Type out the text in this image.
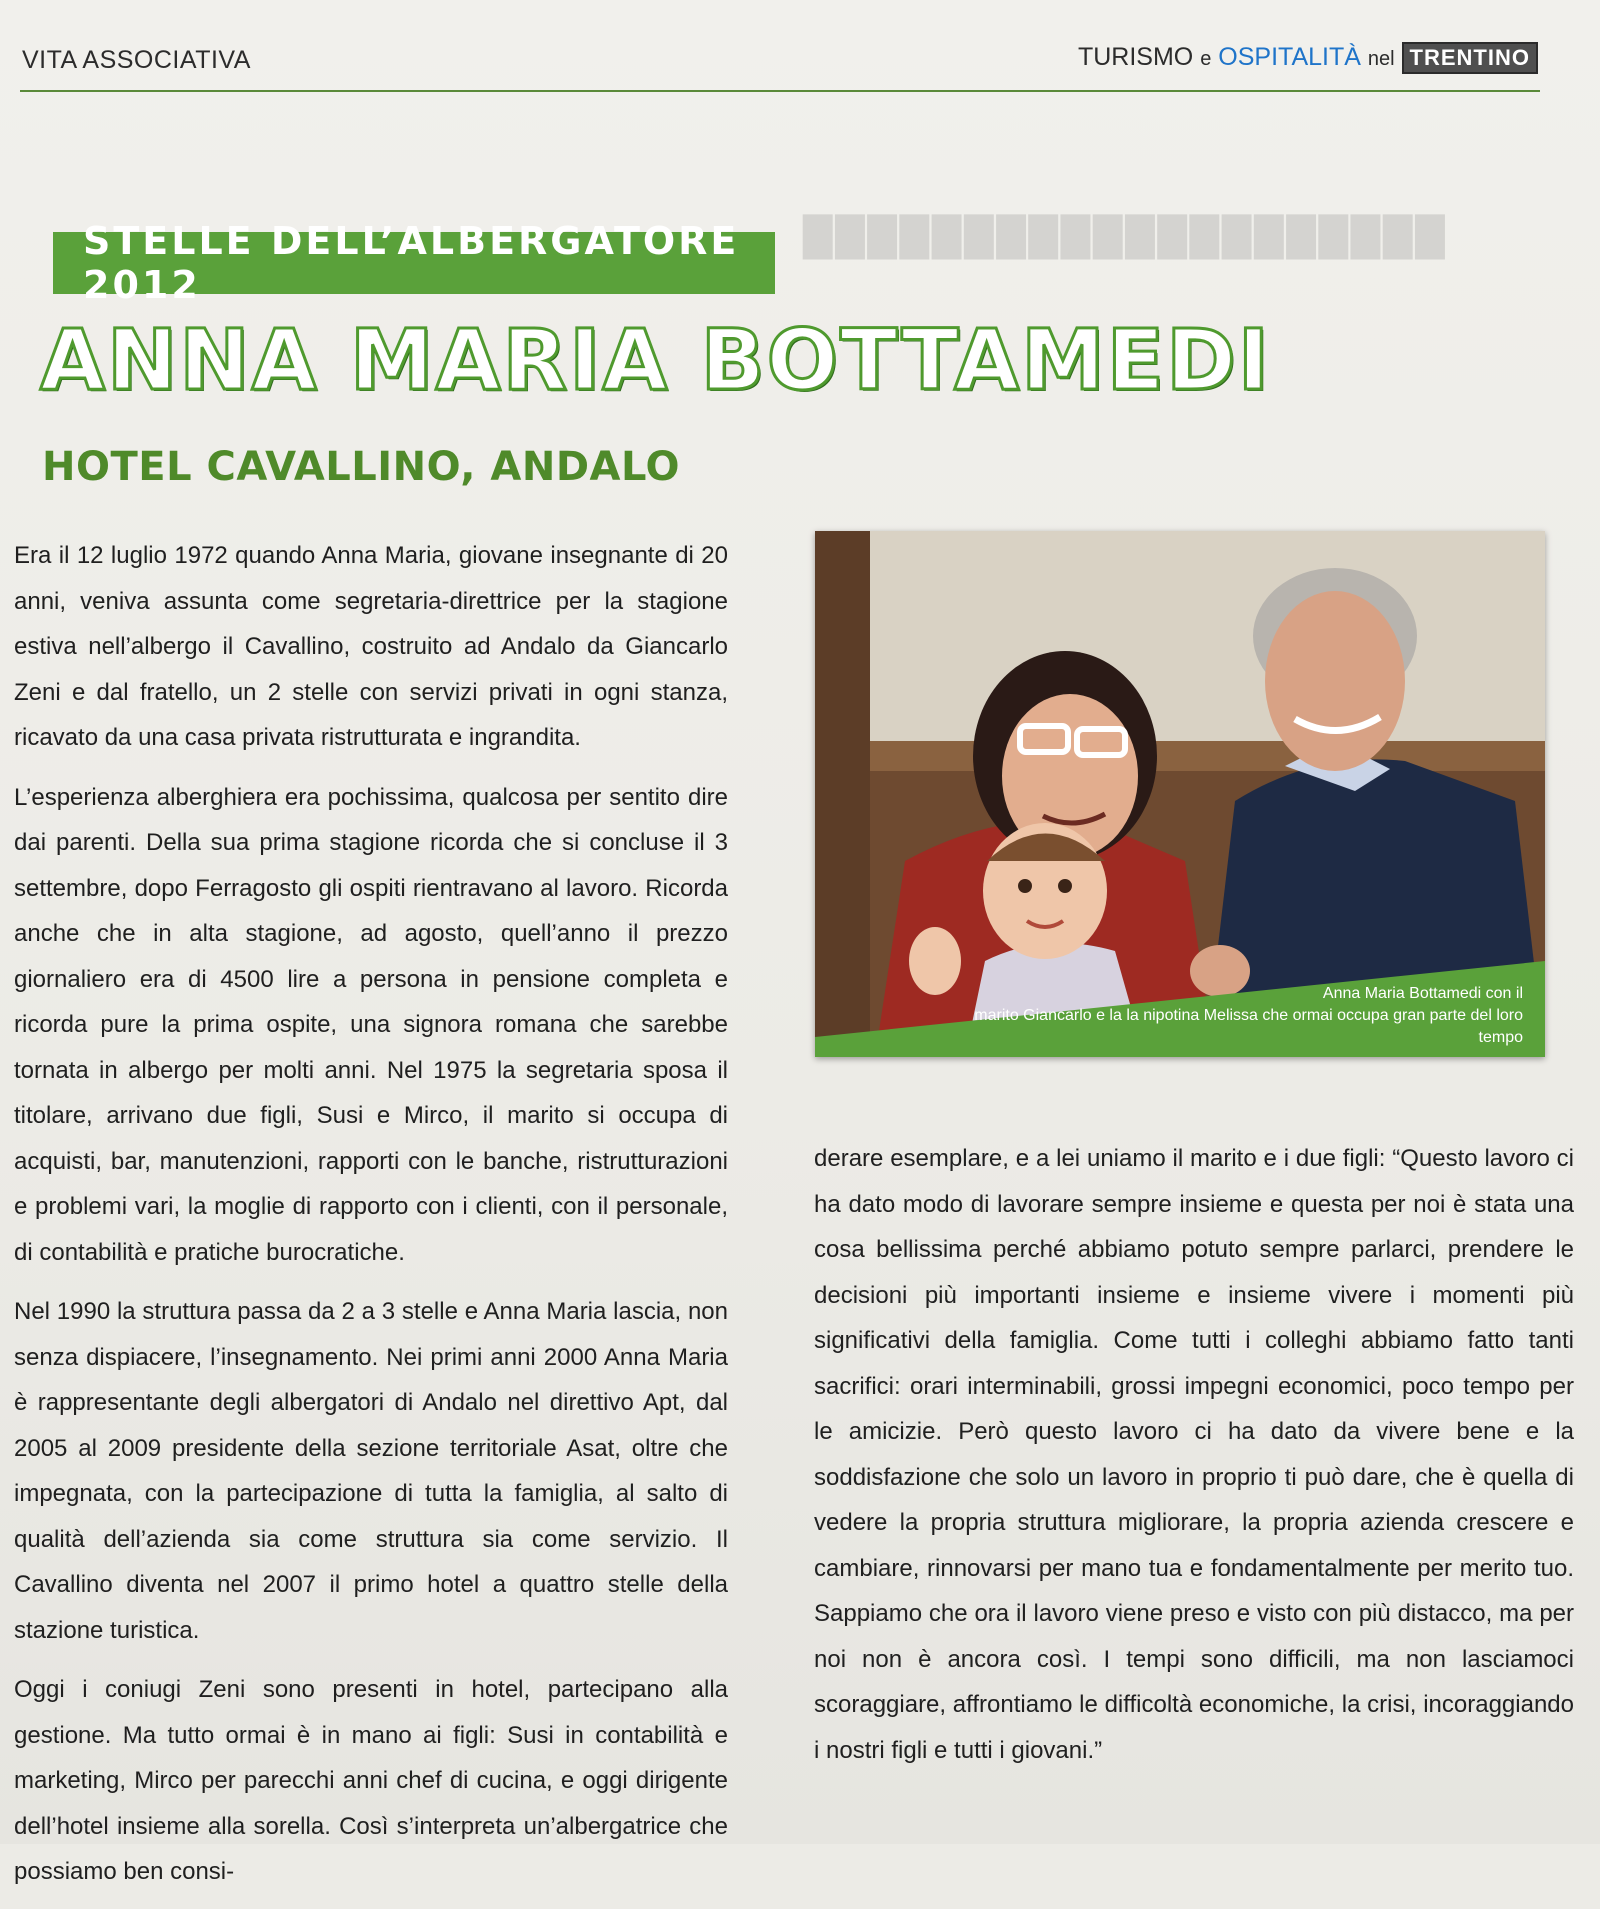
████████████████████
VITA ASSOCIATIVA	TURISMO e OSPITALITÀ nel TRENTINO
STELLE DELL’ALBERGATORE 2012
ANNA MARIA BOTTAMEDI
HOTEL CAVALLINO, ANDALO

Era il 12 luglio 1972 quando Anna Maria, giovane insegnante di 20 anni, veniva assunta come segretaria-direttrice per la stagione estiva nell’albergo il Cavallino, costruito ad Andalo da Giancarlo Zeni e dal fratello, un 2 stelle con servizi privati in ogni stanza, ricavato da una casa privata ristrutturata e ingrandita.

L’esperienza alberghiera era pochissima, qualcosa per sentito dire dai parenti. Della sua prima stagione ricorda che si concluse il 3 settembre, dopo Ferragosto gli ospiti rientravano al lavoro. Ricorda anche che in alta stagione, ad agosto, quell’anno il prezzo giornaliero era di 4500 lire a persona in pensione completa e ricorda pure la prima ospite, una signora romana che sarebbe tornata in albergo per molti anni. Nel 1975 la segretaria sposa il titolare, arrivano due figli, Susi e Mirco, il marito si occupa di acquisti, bar, manutenzioni, rapporti con le banche, ristrutturazioni e problemi vari, la moglie di rapporto con i clienti, con il personale, di contabilità e pratiche burocratiche.

Nel 1990 la struttura passa da 2 a 3 stelle e Anna Maria lascia, non senza dispiacere, l’insegnamento. Nei primi anni 2000 Anna Maria è rappresentante degli albergatori di Andalo nel direttivo Apt, dal 2005 al 2009 presidente della sezione territoriale Asat, oltre che impegnata, con la partecipazione di tutta la famiglia, al salto di qualità dell’azienda sia come struttura sia come servizio. Il Cavallino diventa nel 2007 il primo hotel a quattro stelle della stazione turistica.

Oggi i coniugi Zeni sono presenti in hotel, partecipano alla gestione. Ma tutto ormai è in mano ai figli: Susi in contabilità e marketing, Mirco per parecchi anni chef di cucina, e oggi dirigente dell’hotel insieme alla sorella. Così s’interpreta un’albergatrice che possiamo ben consi-

Anna Maria Bottamedi con il
marito Giancarlo e la la nipotina Melissa che ormai occupa gran parte del loro tempo

derare esemplare, e a lei uniamo il marito e i due figli: “Questo lavoro ci ha dato modo di lavorare sempre insieme e questa per noi è stata una cosa bellissima perché abbiamo potuto sempre parlarci, prendere le decisioni più importanti insieme e insieme vivere i momenti più significativi della famiglia. Come tutti i colleghi abbiamo fatto tanti sacrifici: orari interminabili, grossi impegni economici, poco tempo per le amicizie. Però questo lavoro ci ha dato da vivere bene e la soddisfazione che solo un lavoro in proprio ti può dare, che è quella di vedere la propria struttura migliorare, la propria azienda crescere e cambiare, rinnovarsi per mano tua e fondamentalmente per merito tuo. Sappiamo che ora il lavoro viene preso e visto con più distacco, ma per noi non è ancora così. I tempi sono difficili, ma non lasciamoci scoraggiare, affrontiamo le difficoltà economiche, la crisi, incoraggiando i nostri figli e tutti i giovani.”
